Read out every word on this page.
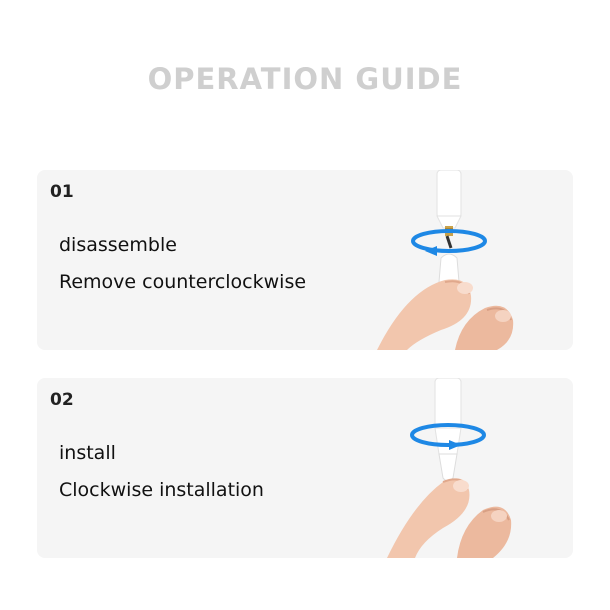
OPERATION GUIDE
01
disassemble
Remove counterclockwise
02
install
Clockwise installation
